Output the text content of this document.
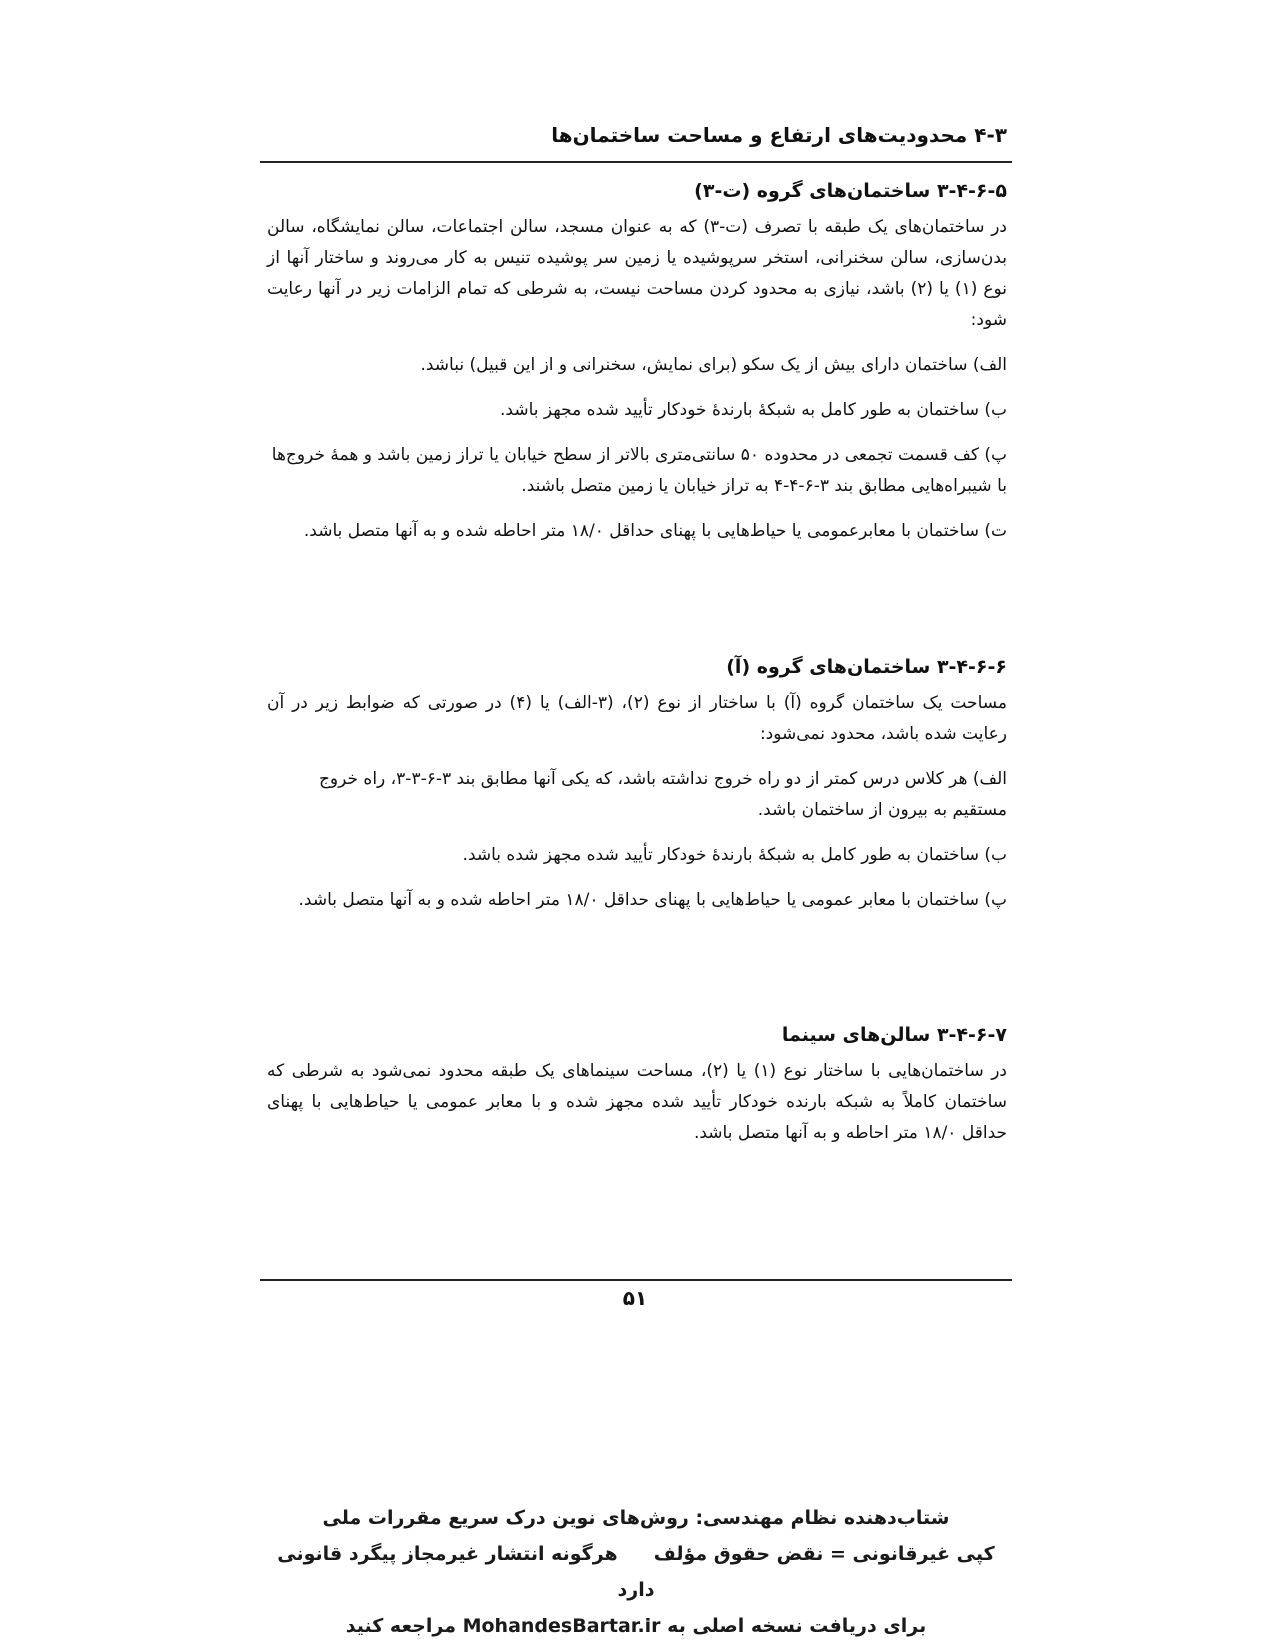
۴-۳ محدودیت‌های ارتفاع و مساحت ساختمان‌ها
۳-۴-۶-۵ ساختمان‌های گروه (ت-۳)

در ساختمان‌های یک طبقه با تصرف (ت-۳) که به عنوان مسجد، سالن اجتماعات، سالن نمایشگاه، سالن بدن‌سازی، سالن سخنرانی، استخر سرپوشیده یا زمین سر پوشیده تنیس به کار می‌روند و ساختار آنها از نوع (۱) یا (۲) باشد، نیازی به محدود کردن مساحت نیست، به شرطی که تمام الزامات زیر در آنها رعایت شود:

الف) ساختمان دارای بیش از یک سکو (برای نمایش، سخنرانی و از این قبیل) نباشد.
ب) ساختمان به طور کامل به شبکهٔ بارندهٔ خودکار تأیید شده مجهز باشد.
پ) کف قسمت تجمعی در محدوده ۵۰ سانتی‌متری بالاتر از سطح خیابان یا تراز زمین باشد و همهٔ خروج‌ها با شیبراه‌هایی مطابق بند ۳-۶-۴-۴ به تراز خیابان یا زمین متصل باشند.
ت) ساختمان با معابرعمومی یا حیاط‌هایی با پهنای حداقل ۱۸/۰ متر احاطه شده و به آنها متصل باشد.
۳-۴-۶-۶ ساختمان‌های گروه (آ)

مساحت یک ساختمان گروه (آ) با ساختار از نوع (۲)، (۳-الف) یا (۴) در صورتی که ضوابط زیر در آن رعایت شده باشد، محدود نمی‌شود:

الف) هر کلاس درس کمتر از دو راه خروج نداشته باشد، که یکی آنها مطابق بند ۳-۶-۳-۳، راه خروج مستقیم به بیرون از ساختمان باشد.
ب) ساختمان به طور کامل به شبکهٔ بارندهٔ خودکار تأیید شده مجهز شده باشد.
پ) ساختمان با معابر عمومی یا حیاط‌هایی با پهنای حداقل ۱۸/۰ متر احاطه شده و به آنها متصل باشد.
۳-۴-۶-۷ سالن‌های سینما

در ساختمان‌هایی با ساختار نوع (۱) یا (۲)، مساحت سینماهای یک طبقه محدود نمی‌شود به شرطی که ساختمان کاملاً به شبکه بارنده خودکار تأیید شده مجهز شده و با معابر عمومی یا حیاط‌هایی با پهنای حداقل ۱۸/۰ متر احاطه و به آنها متصل باشد.

۵۱
شتاب‌دهنده نظام مهندسی: روش‌های نوین درک سریع مقررات ملی
کپی غیرقانونی = نقض حقوق مؤلفهرگونه انتشار غیرمجاز پیگرد قانونی دارد
برای دریافت نسخه اصلی به MohandesBartar.ir مراجعه کنید
